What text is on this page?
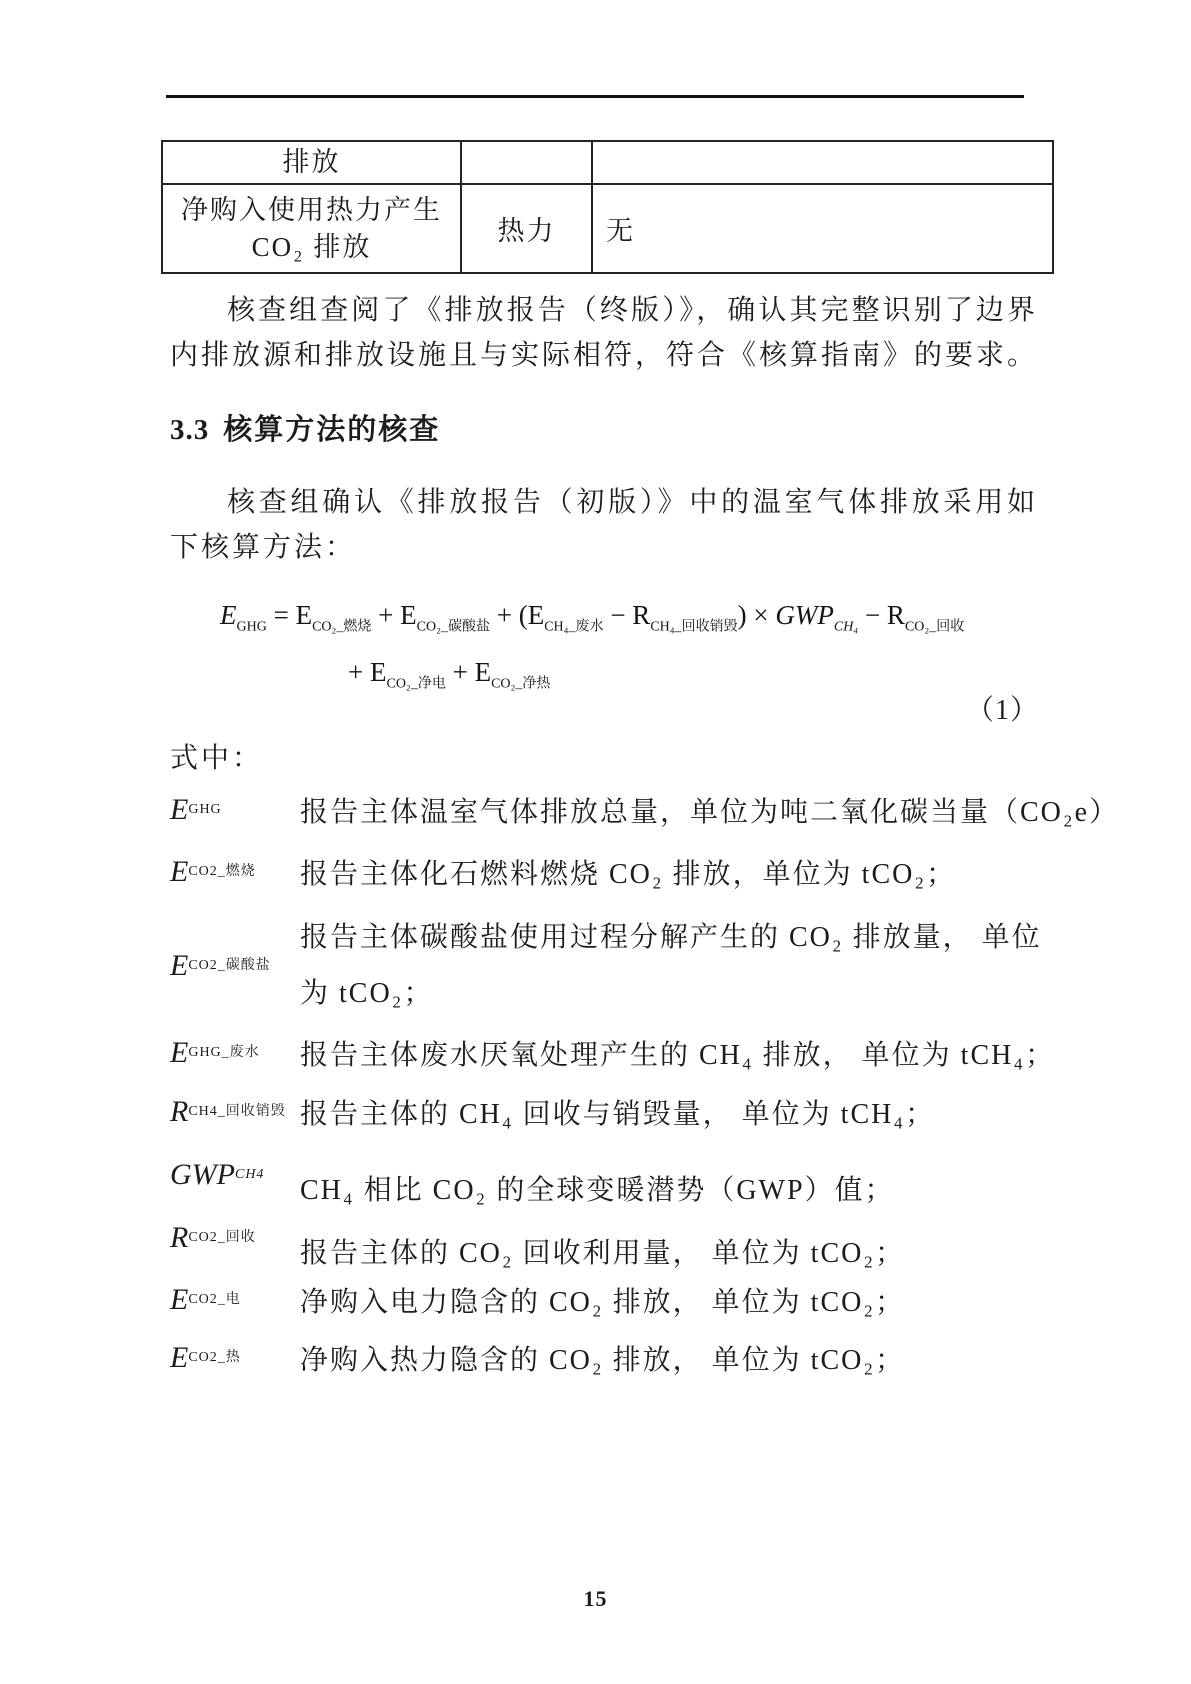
排放		
净购入使用热力产生 CO₂ 排放	热力	无
核查组查阅了《排放报告（终版）》，确认其完整识别了边界内排放源和排放设施且与实际相符，符合《核算指南》的要求。
3.3 核算方法的核查
核查组确认《排放报告（初版）》中的温室气体排放采用如下核算方法：
$E_{GHG} = E_{CO_2\_燃烧} + E_{CO_2\_碳酸盐} + (E_{CH_4\_废水} - R_{CH_4\_回收销毁}) \times GWP_{CH_4} - R_{CO_2\_回收}$
+ $E_{CO_2\_净电} + E_{CO_2\_净热}$
（1）
式中：
E GHG	报告主体温室气体排放总量，单位为吨二氧化碳当量（CO₂e）
E CO2_燃烧 报告主体化石燃料燃烧 CO₂ 排放，单位为 tCO₂；
E CO2_碳酸盐
报告主体碳酸盐使用过程分解产生的 CO₂ 排放量， 单位为 tCO₂；
E GHG_废水 报告主体废水厌氧处理产生的 CH₄ 排放， 单位为 tCH₄；
R CH4_回收销毁 报告主体的 CH₄ 回收与销毁量， 单位为 tCH₄；
GWP CH4
CH₄ 相比 CO₂ 的全球变暖潜势（GWP）值；
R CO2_回收
报告主体的 CO₂ 回收利用量， 单位为 tCO₂；
E CO2_电 净购入电力隐含的 CO₂ 排放， 单位为 tCO₂；
E CO2_热 净购入热力隐含的 CO₂ 排放， 单位为 tCO₂；
15
